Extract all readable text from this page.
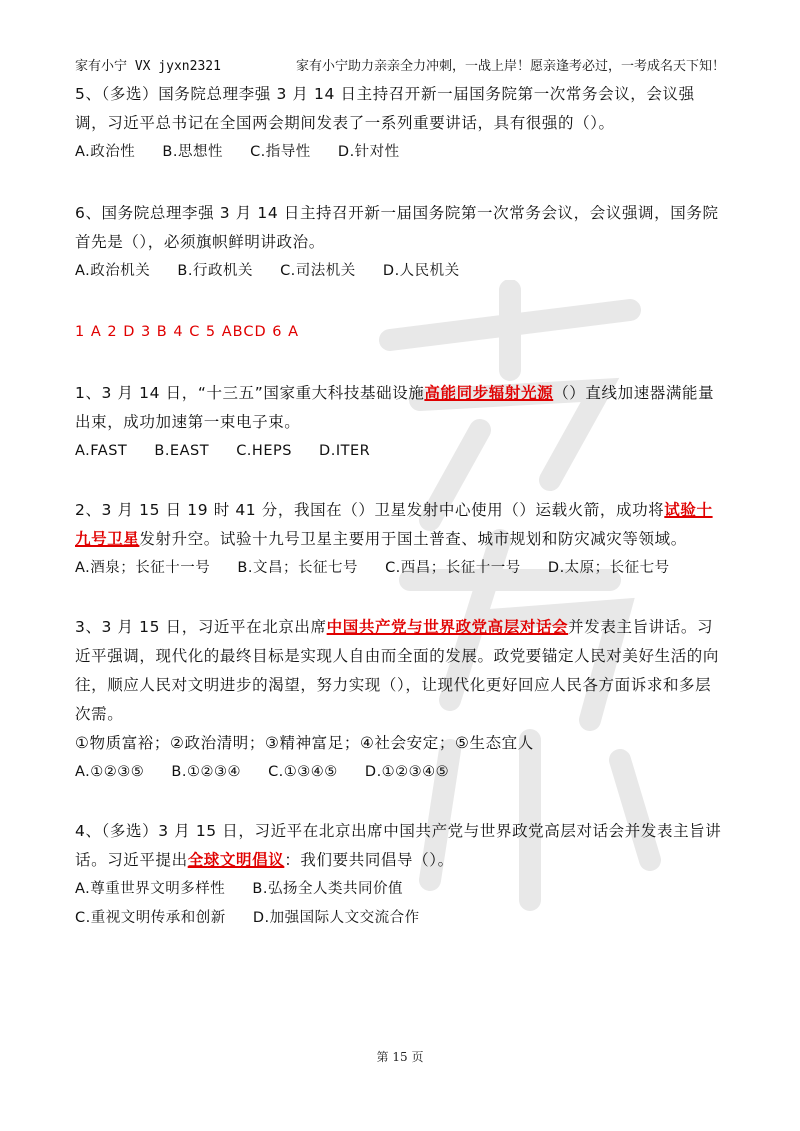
家有小宁 VX jyxn2321	家有小宁助力亲亲全力冲刺，一战上岸！愿亲逢考必过，一考成名天下知！
5、（多选）国务院总理李强 3 月 14 日主持召开新一届国务院第一次常务会议，会议强调，习近平总书记在全国两会期间发表了一系列重要讲话，具有很强的（）。
A.政治性 B.思想性 C.指导性 D.针对性
6、国务院总理李强 3 月 14 日主持召开新一届国务院第一次常务会议，会议强调，国务院首先是（），必须旗帜鲜明讲政治。
A.政治机关 B.行政机关 C.司法机关 D.人民机关
1 A 2 D 3 B 4 C 5 ABCD 6 A
1、3 月 14 日，“十三五”国家重大科技基础设施高能同步辐射光源（）直线加速器满能量出束，成功加速第一束电子束。
A.FAST B.EAST C.HEPS D.ITER
2、3 月 15 日 19 时 41 分，我国在（）卫星发射中心使用（）运载火箭，成功将试验十九号卫星发射升空。试验十九号卫星主要用于国土普查、城市规划和防灾减灾等领域。
A.酒泉；长征十一号 B.文昌；长征七号 C.西昌；长征十一号 D.太原；长征七号
3、3 月 15 日，习近平在北京出席中国共产党与世界政党高层对话会并发表主旨讲话。习近平强调，现代化的最终目标是实现人自由而全面的发展。政党要锚定人民对美好生活的向往，顺应人民对文明进步的渴望，努力实现（），让现代化更好回应人民各方面诉求和多层次需。
①物质富裕；②政治清明；③精神富足；④社会安定；⑤生态宜人
A.①②③⑤ B.①②③④ C.①③④⑤ D.①②③④⑤
4、（多选）3 月 15 日，习近平在北京出席中国共产党与世界政党高层对话会并发表主旨讲话。习近平提出全球文明倡议：我们要共同倡导（）。
A.尊重世界文明多样性 B.弘扬全人类共同价值
C.重视文明传承和创新 D.加强国际人文交流合作
第 15 页
